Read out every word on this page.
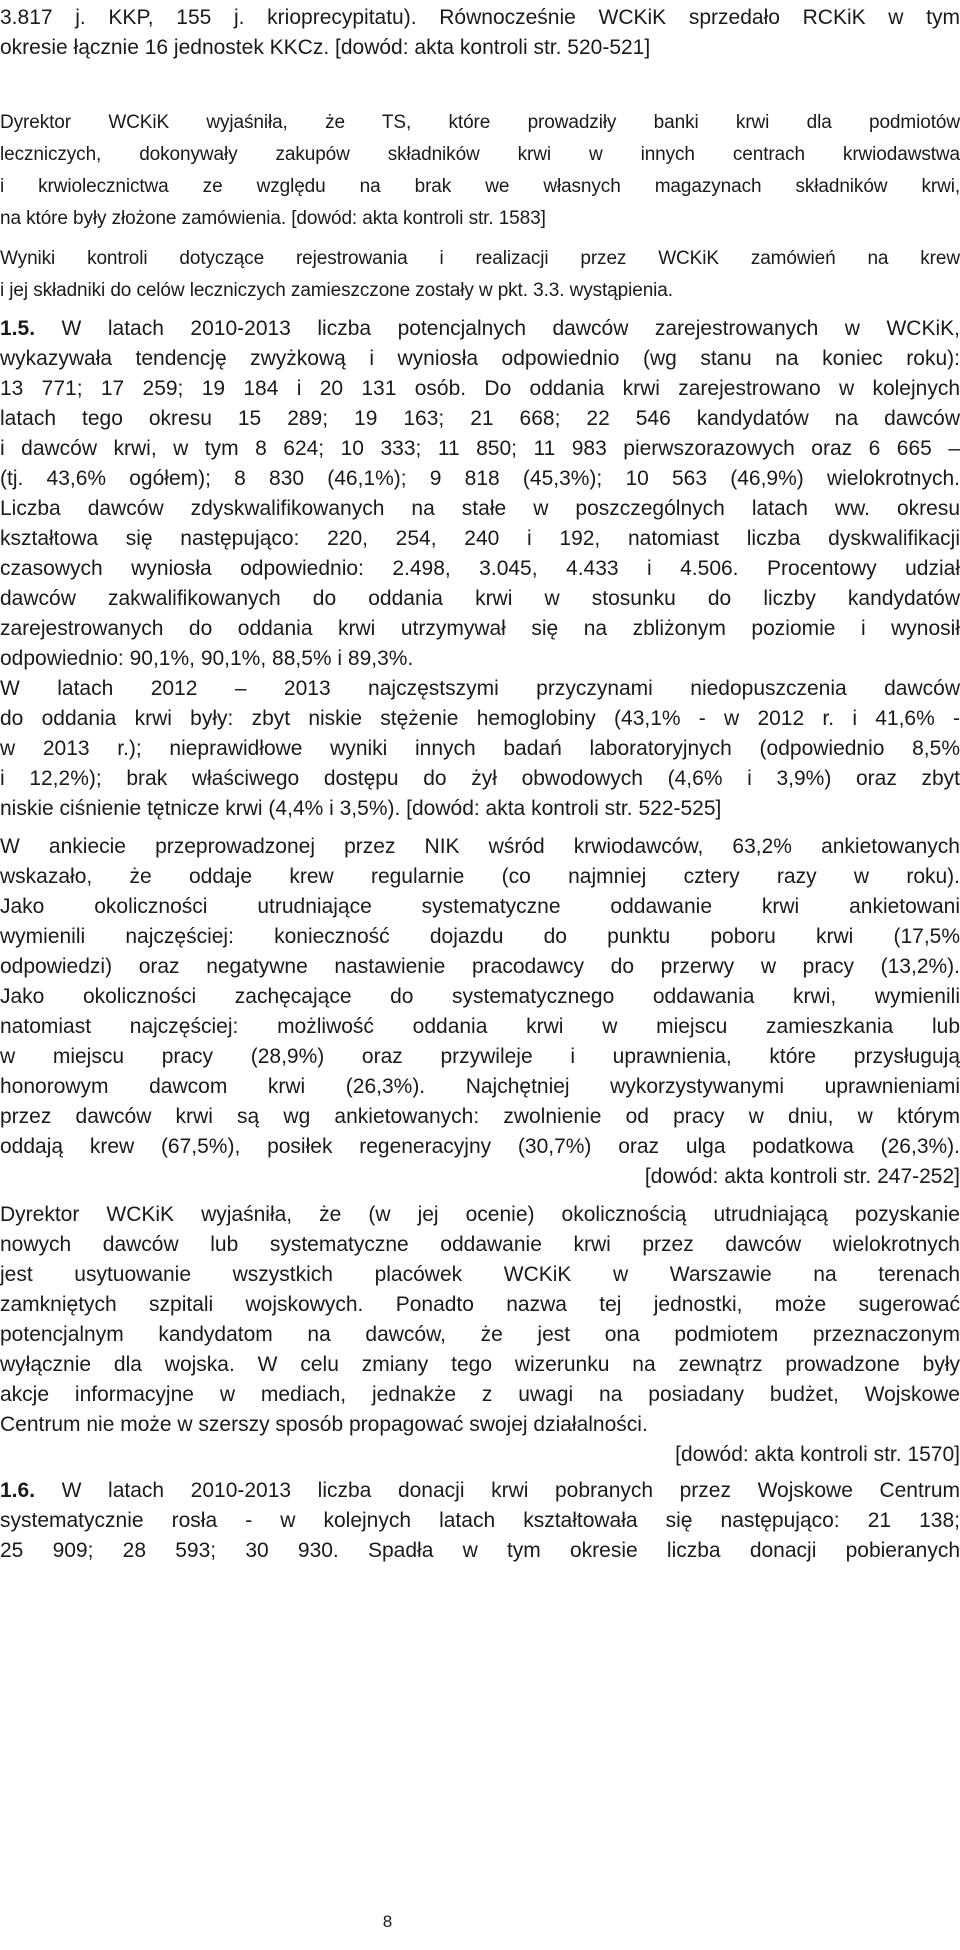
3.817 j. KKP, 155 j. krioprecypitatu). Równocześnie WCKiK sprzedało RCKiK w tym
okresie łącznie 16 jednostek KKCz. [dowód: akta kontroli str. 520-521]
Dyrektor WCKiK wyjaśniła, że TS, które prowadziły banki krwi dla podmiotów
leczniczych, dokonywały zakupów składników krwi w innych centrach krwiodawstwa
i krwiolecznictwa ze względu na brak we własnych magazynach składników krwi,
na które były złożone zamówienia. [dowód: akta kontroli str. 1583]
Wyniki kontroli dotyczące rejestrowania i realizacji przez WCKiK zamówień na krew
i jej składniki do celów leczniczych zamieszczone zostały w pkt. 3.3. wystąpienia.
1.5. W latach 2010-2013 liczba potencjalnych dawców zarejestrowanych w WCKiK,
wykazywała tendencję zwyżkową i wyniosła odpowiednio (wg stanu na koniec roku):
13 771; 17 259; 19 184 i 20 131 osób. Do oddania krwi zarejestrowano w kolejnych
latach tego okresu 15 289; 19 163; 21 668; 22 546 kandydatów na dawców
i dawców krwi, w tym 8 624; 10 333; 11 850; 11 983 pierwszorazowych oraz 6 665 –
(tj. 43,6% ogółem); 8 830 (46,1%); 9 818 (45,3%); 10 563 (46,9%) wielokrotnych.
Liczba dawców zdyskwalifikowanych na stałe w poszczególnych latach ww. okresu
kształtowa się następująco: 220, 254, 240 i 192, natomiast liczba dyskwalifikacji
czasowych wyniosła odpowiednio: 2.498, 3.045, 4.433 i 4.506. Procentowy udział
dawców zakwalifikowanych do oddania krwi w stosunku do liczby kandydatów
zarejestrowanych do oddania krwi utrzymywał się na zbliżonym poziomie i wynosił
odpowiednio: 90,1%, 90,1%, 88,5% i 89,3%.
W latach 2012 – 2013 najczęstszymi przyczynami niedopuszczenia dawców
do oddania krwi były: zbyt niskie stężenie hemoglobiny (43,1% - w 2012 r. i 41,6% -
w 2013 r.); nieprawidłowe wyniki innych badań laboratoryjnych (odpowiednio 8,5%
i 12,2%); brak właściwego dostępu do żył obwodowych (4,6% i 3,9%) oraz zbyt
niskie ciśnienie tętnicze krwi (4,4% i 3,5%). [dowód: akta kontroli str. 522-525]
W ankiecie przeprowadzonej przez NIK wśród krwiodawców, 63,2% ankietowanych
wskazało, że oddaje krew regularnie (co najmniej cztery razy w roku).
Jako okoliczności utrudniające systematyczne oddawanie krwi ankietowani
wymienili najczęściej: konieczność dojazdu do punktu poboru krwi (17,5%
odpowiedzi) oraz negatywne nastawienie pracodawcy do przerwy w pracy (13,2%).
Jako okoliczności zachęcające do systematycznego oddawania krwi, wymienili
natomiast najczęściej: możliwość oddania krwi w miejscu zamieszkania lub
w miejscu pracy (28,9%) oraz przywileje i uprawnienia, które przysługują
honorowym dawcom krwi (26,3%). Najchętniej wykorzystywanymi uprawnieniami
przez dawców krwi są wg ankietowanych: zwolnienie od pracy w dniu, w którym
oddają krew (67,5%), posiłek regeneracyjny (30,7%) oraz ulga podatkowa (26,3%).
[dowód: akta kontroli str. 247-252]
Dyrektor WCKiK wyjaśniła, że (w jej ocenie) okolicznością utrudniającą pozyskanie
nowych dawców lub systematyczne oddawanie krwi przez dawców wielokrotnych
jest usytuowanie wszystkich placówek WCKiK w Warszawie na terenach
zamkniętych szpitali wojskowych. Ponadto nazwa tej jednostki, może sugerować
potencjalnym kandydatom na dawców, że jest ona podmiotem przeznaczonym
wyłącznie dla wojska. W celu zmiany tego wizerunku na zewnątrz prowadzone były
akcje informacyjne w mediach, jednakże z uwagi na posiadany budżet, Wojskowe
Centrum nie może w szerszy sposób propagować swojej działalności.
[dowód: akta kontroli str. 1570]
1.6. W latach 2010-2013 liczba donacji krwi pobranych przez Wojskowe Centrum
systematycznie rosła - w kolejnych latach kształtowała się następująco: 21 138;
25 909; 28 593; 30 930. Spadła w tym okresie liczba donacji pobieranych
8
